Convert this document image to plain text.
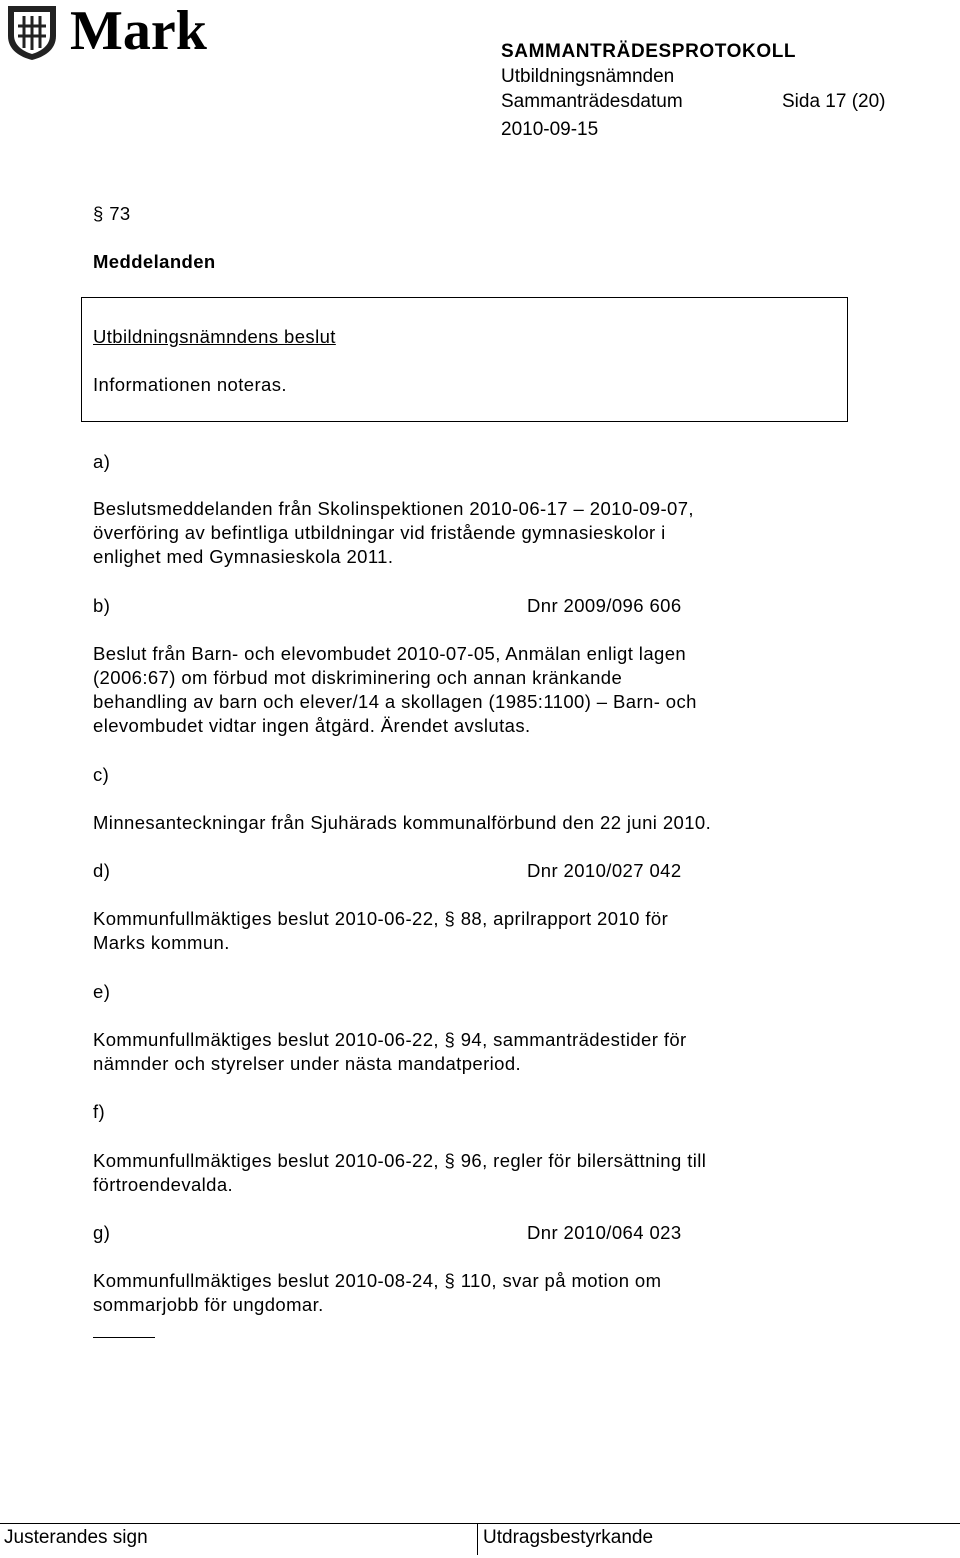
Mark	SAMMANTRÄDESPROTOKOLL
Utbildningsnämnden
Sammanträdesdatum	Sida 17 (20)
2010-09-15
§ 73
Meddelanden
Utbildningsnämndens beslut
Informationen noteras.
a)
Beslutsmeddelanden från Skolinspektionen 2010-06-17 – 2010-09-07,
överföring av befintliga utbildningar vid fristående gymnasieskolor i
enlighet med Gymnasieskola 2011.
b)	Dnr 2009/096 606
Beslut från Barn- och elevombudet 2010-07-05, Anmälan enligt lagen
(2006:67) om förbud mot diskriminering och annan kränkande
behandling av barn och elever/14 a skollagen (1985:1100) – Barn- och
elevombudet vidtar ingen åtgärd. Ärendet avslutas.
c)
Minnesanteckningar från Sjuhärads kommunalförbund den 22 juni 2010.
d)	Dnr 2010/027 042
Kommunfullmäktiges beslut 2010-06-22, § 88, aprilrapport 2010 för
Marks kommun.
e)
Kommunfullmäktiges beslut 2010-06-22, § 94, sammanträdestider för
nämnder och styrelser under nästa mandatperiod.
f)
Kommunfullmäktiges beslut 2010-06-22, § 96, regler för bilersättning till
förtroendevalda.
g)	Dnr 2010/064 023
Kommunfullmäktiges beslut 2010-08-24, § 110, svar på motion om
sommarjobb för ungdomar.
Justerandes sign	Utdragsbestyrkande
